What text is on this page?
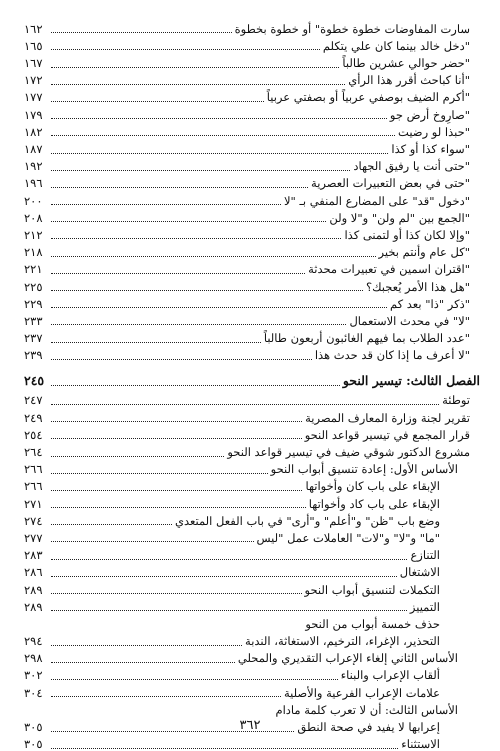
سارت المفاوضات خطوة خطوة" أو خطوة بخطوة
١٦٢
دخل خالد بينما كان علي يتكلم"
١٦٥
حضر حوالي عشرين طالباً"
١٦٧
أنا كباحث أقرر هذا الرأي"
١٧٢
أكرم الضيف بوصفي عربياً أو بصفتي عربياً"
١٧٧
صارِوخ أرض جو"
١٧٩
حبذا لو رضيت"
١٨٢
سواء كذا أو كذا"
١٨٧
حتى أنت يا رفيق الجهاد"
١٩٢
حتى في بعض التعبيرات العصرية"
١٩٦
دخول "قد" على المضارع المنفي بـ "لا"
٢٠٠
الجمع بين "لم ولن" و"لا ولن"
٢٠٨
وإلا لكان كذا أو لتمنى كذا"
٢١٢
كل عام وأنتم بخير"
٢١٨
اقتران اسمين في تعبيرات محدثة"
٢٢١
هل هذا الأمر يُعجبك؟"
٢٢٥
ذكر "ذا" بعد كم"
٢٢٩
لا" في محدث الاستعمال"
٢٣٣
عدد الطلاب بما فيهم الغائبون أربعون طالباً"
٢٣٧
لا أعرف ما إذا كان قد حدث هذا"
٢٣٩
الفصل الثالث: تيسير النحو
٢٤٥
توطئة
٢٤٧
تقرير لجنة وزارة المعارف المصرية
٢٤٩
قرار المجمع في تيسير قواعد النحو
٢٥٤
مشروع الدكتور شوقي ضيف في تيسير قواعد النحو
٢٦٤
الأساس الأول: إعادة تنسيق أبواب النحو
٢٦٦
الإبقاء على باب كان وأخواتها
٢٦٦
الإبقاء على باب كاد وأخواتها
٢٧١
وضع باب "ظن" و"أعلم" و"أرى" في باب الفعل المتعدي
٢٧٤
ما" و"لا" و"لات" العاملات عمل "ليس"
٢٧٧
التنازع
٢٨٣
الاشتغال
٢٨٦
التكملات لتنسيق أبواب النحو
٢٨٩
التمييز
٢٨٩
حذف خمسة أبواب من النحو
التحذير، الإغراء، الترخيم، الاستغاثة، الندبة
٢٩٤
الأساس الثاني إلغاء الإعراب التقديري والمحلي
٢٩٨
ألقاب الإعراب والبناء
٣٠٢
علامات الإعراب الفرعية والأصلية
٣٠٤
الأساس الثالث: أن لا تعرب كلمة مادام
إعرابها لا يفيد في صحة النطق
٣٠٥
الاستثناء
٣٠٥
٣٦٢
